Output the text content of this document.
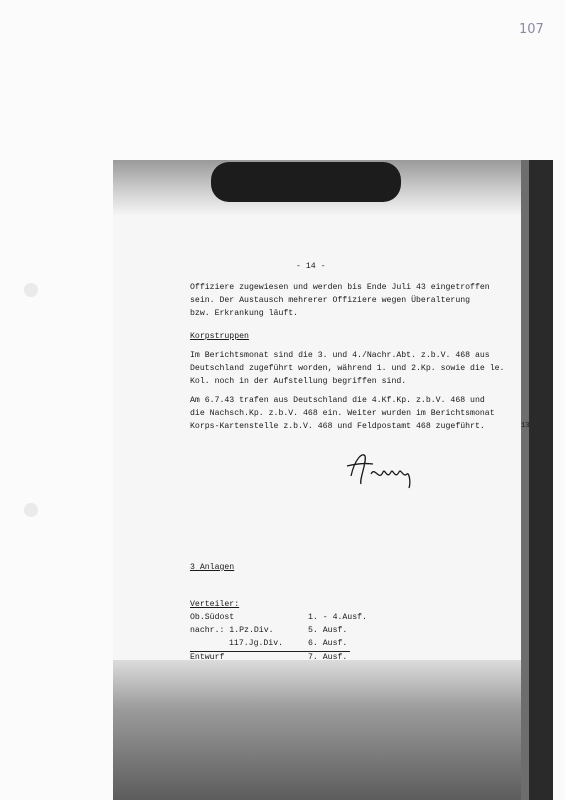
107
- 14 -
Offiziere zugewiesen und werden bis Ende Juli 43 eingetroffen
sein. Der Austausch mehrerer Offiziere wegen Überalterung
bzw. Erkrankung läuft.
Korpstruppen
Im Berichtsmonat sind die 3. und 4./Nachr.Abt. z.b.V. 468 aus
Deutschland zugeführt worden, während 1. und 2.Kp. sowie die le.
Kol. noch in der Aufstellung begriffen sind.
Am 6.7.43 trafen aus Deutschland die 4.Kf.Kp. z.b.V. 468 und
die Nachsch.Kp. z.b.V. 468 ein. Weiter wurden im Berichtsmonat
Korps-Kartenstelle z.b.V. 468 und Feldpostamt 468 zugeführt.	13
3 Anlagen
Verteiler:
Ob.Südost	1. - 4.Ausf.
nachr.: 1.Pz.Div.	5. Ausf.
117.Jg.Div.	6. Ausf.
Entwurf	7. Ausf.
